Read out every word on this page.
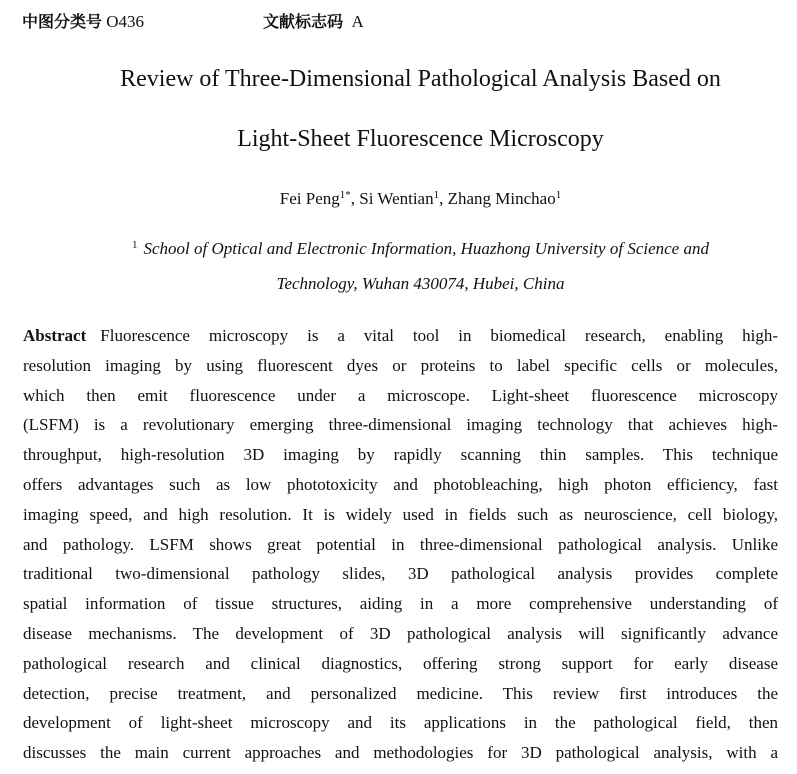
中图分类号 O436	文献标志码 A
Review of Three-Dimensional Pathological Analysis Based on
Light-Sheet Fluorescence Microscopy
Fei Peng$^{1*}$, Si Wentian$^1$, Zhang Minchao$^1$
$^1$ School of Optical and Electronic Information, Huazhong University of Science and
Technology, Wuhan 430074, Hubei, China
Abstract Fluorescence microscopy is a vital tool in biomedical research, enabling high-
resolution imaging by using fluorescent dyes or proteins to label specific cells or molecules,
which then emit fluorescence under a microscope. Light-sheet fluorescence microscopy
(LSFM) is a revolutionary emerging three-dimensional imaging technology that achieves high-
throughput, high-resolution 3D imaging by rapidly scanning thin samples. This technique
offers advantages such as low phototoxicity and photobleaching, high photon efficiency, fast
imaging speed, and high resolution. It is widely used in fields such as neuroscience, cell biology,
and pathology. LSFM shows great potential in three-dimensional pathological analysis. Unlike
traditional two-dimensional pathology slides, 3D pathological analysis provides complete
spatial information of tissue structures, aiding in a more comprehensive understanding of
disease mechanisms. The development of 3D pathological analysis will significantly advance
pathological research and clinical diagnostics, offering strong support for early disease
detection, precise treatment, and personalized medicine. This review first introduces the
development of light-sheet microscopy and its applications in the pathological field, then
discusses the main current approaches and methodologies for 3D pathological analysis, with a
